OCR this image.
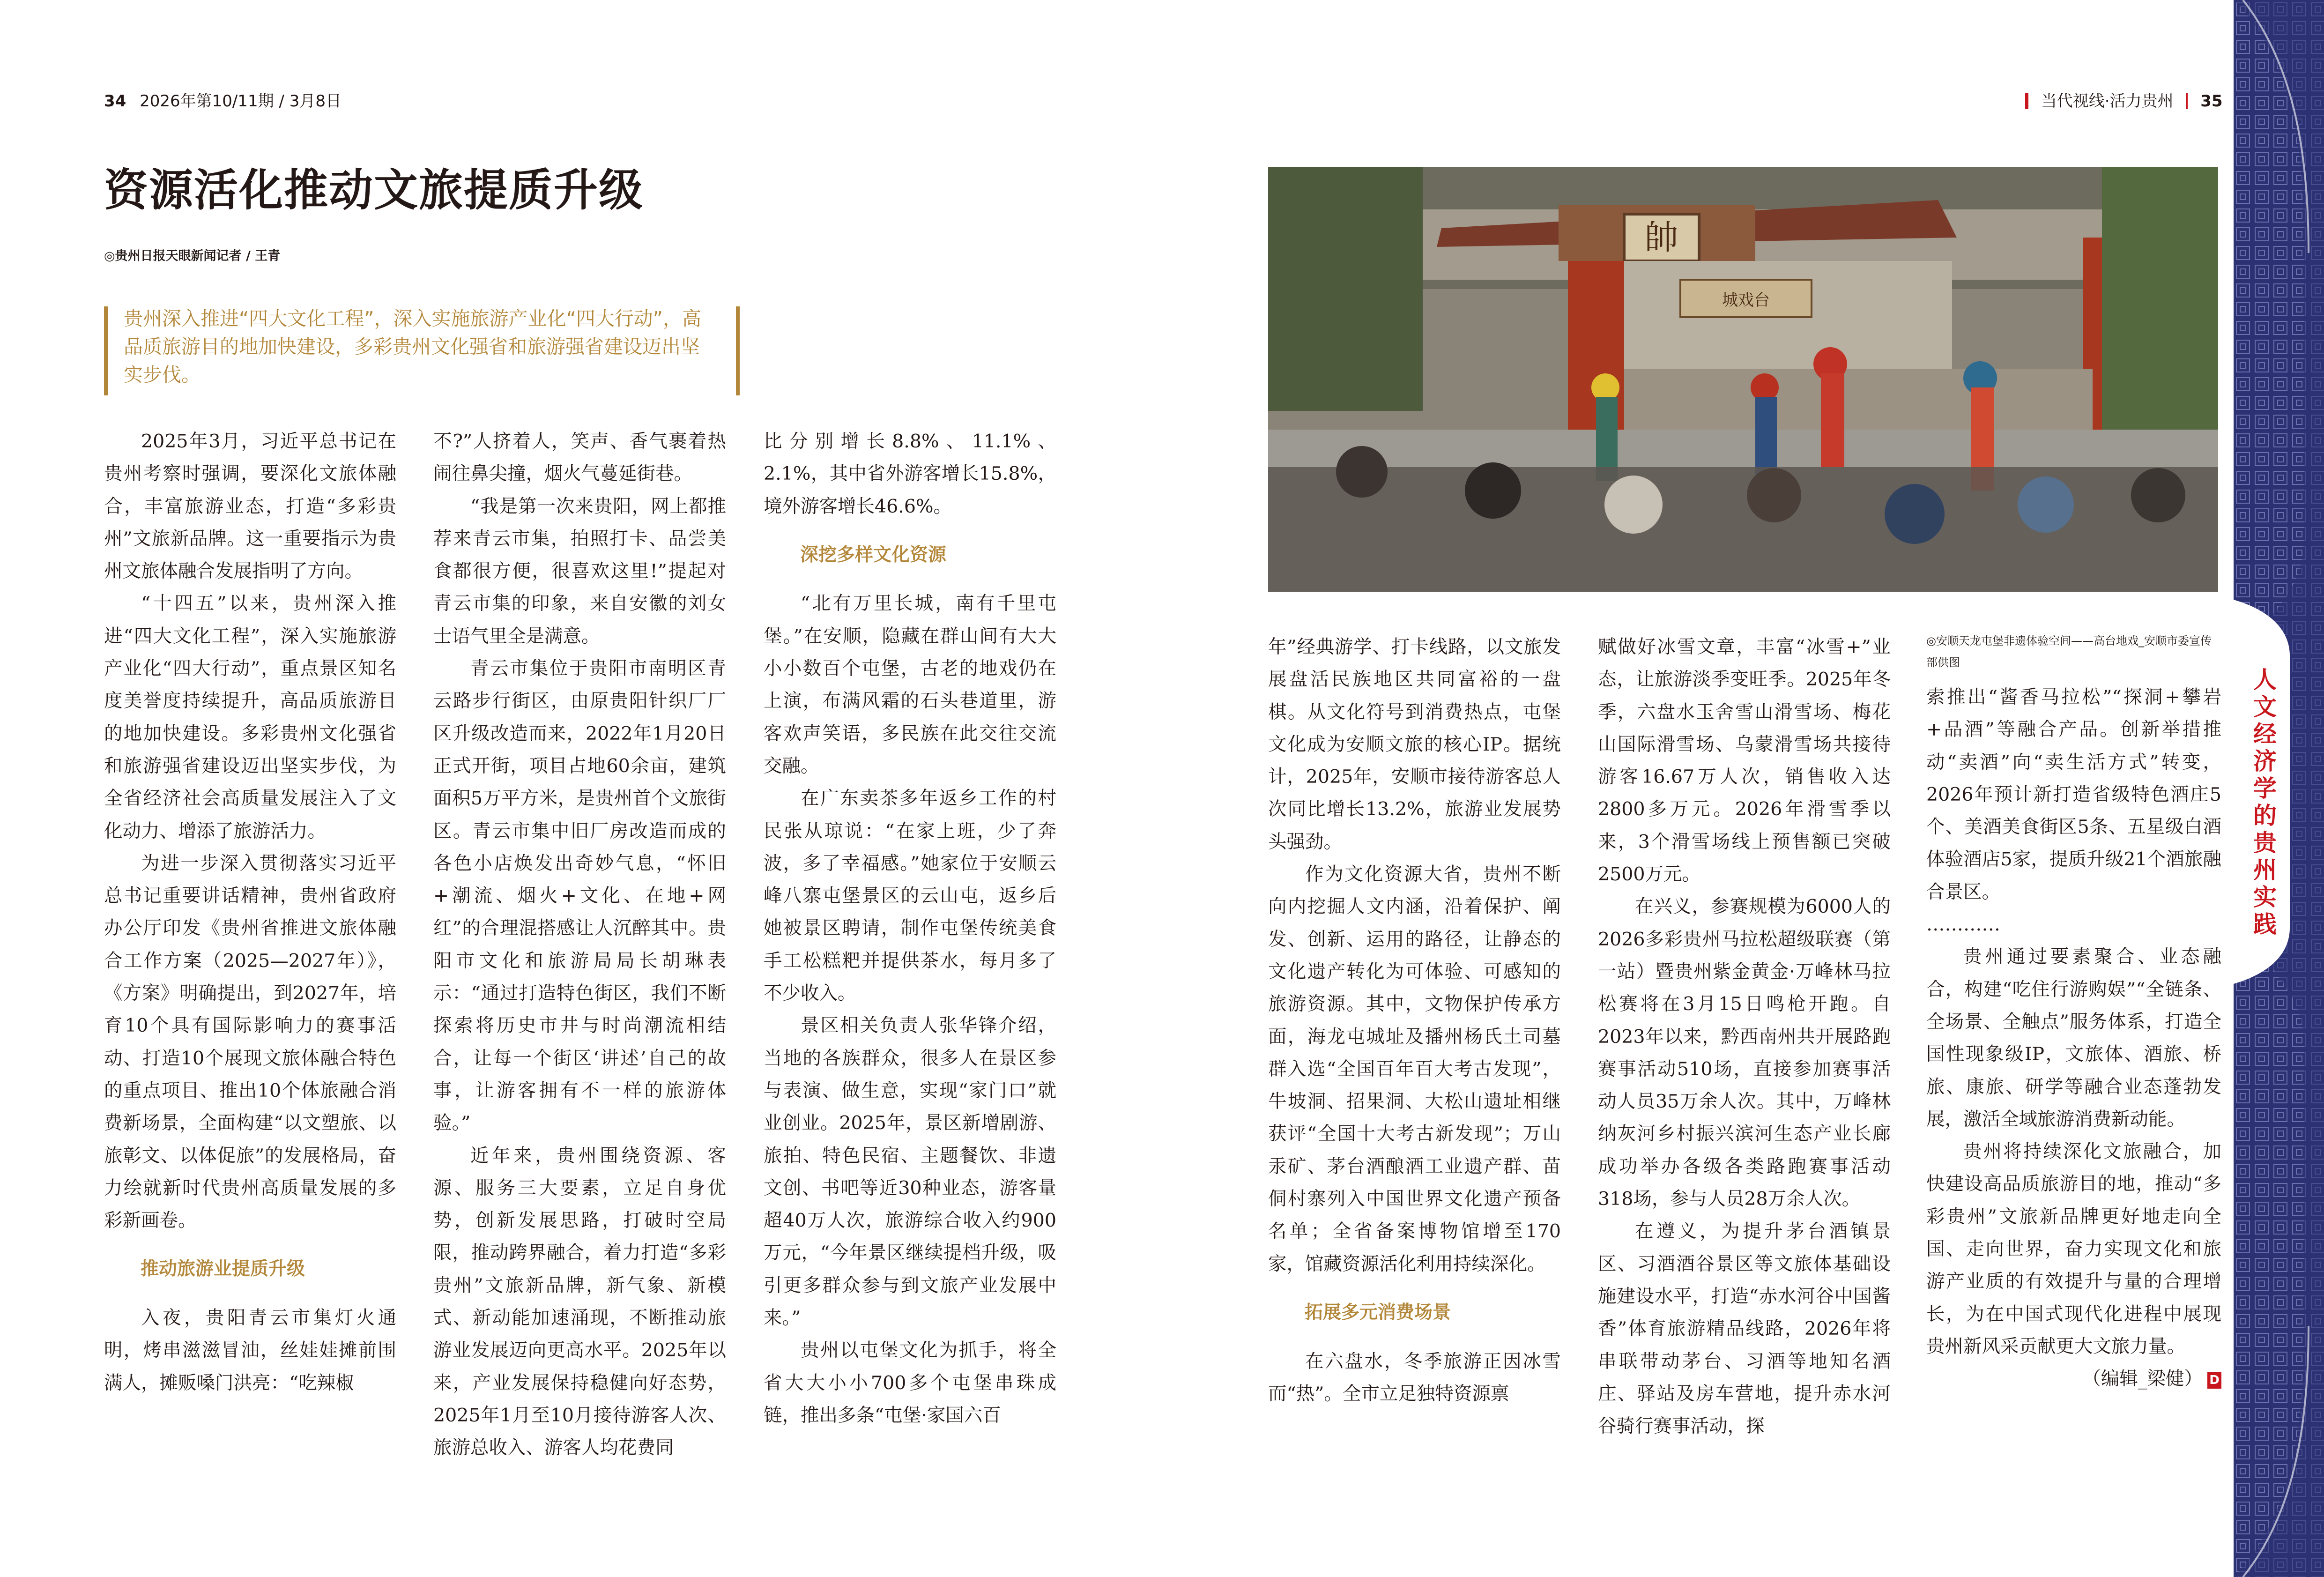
34 2026年第10/11期 / 3月8日	当代视线·活力贵州 35
资源活化推动文旅提质升级
◎贵州日报天眼新闻记者 / 王青
贵州深入推进“四大文化工程”，深入实施旅游产业化“四大行动”，高品质旅游目的地加快建设，多彩贵州文化强省和旅游强省建设迈出坚实步伐。

2025年3月，习近平总书记在贵州考察时强调，要深化文旅体融合，丰富旅游业态，打造“多彩贵州”文旅新品牌。这一重要指示为贵州文旅体融合发展指明了方向。

“十四五”以来，贵州深入推进“四大文化工程”，深入实施旅游产业化“四大行动”，重点景区知名度美誉度持续提升，高品质旅游目的地加快建设。多彩贵州文化强省和旅游强省建设迈出坚实步伐，为全省经济社会高质量发展注入了文化动力、增添了旅游活力。

为进一步深入贯彻落实习近平总书记重要讲话精神，贵州省政府办公厅印发《贵州省推进文旅体融合工作方案（2025—2027年）》，《方案》明确提出，到2027年，培育10个具有国际影响力的赛事活动、打造10个展现文旅体融合特色的重点项目、推出10个体旅融合消费新场景，全面构建“以文塑旅、以旅彰文、以体促旅”的发展格局，奋力绘就新时代贵州高质量发展的多彩新画卷。

推动旅游业提质升级

入夜，贵阳青云市集灯火通明，烤串滋滋冒油，丝娃娃摊前围满人，摊贩嗓门洪亮：“吃辣椒

不?”人挤着人，笑声、香气裹着热闹往鼻尖撞，烟火气蔓延街巷。

“我是第一次来贵阳，网上都推荐来青云市集，拍照打卡、品尝美食都很方便，很喜欢这里!”提起对青云市集的印象，来自安徽的刘女士语气里全是满意。

青云市集位于贵阳市南明区青云路步行街区，由原贵阳针织厂厂区升级改造而来，2022年1月20日正式开街，项目占地60余亩，建筑面积5万平方米，是贵州首个文旅街区。青云市集中旧厂房改造而成的各色小店焕发出奇妙气息，“怀旧+潮流、烟火+文化、在地+网红”的合理混搭感让人沉醉其中。贵阳市文化和旅游局局长胡琳表示：“通过打造特色街区，我们不断探索将历史市井与时尚潮流相结合，让每一个街区‘讲述’自己的故事，让游客拥有不一样的旅游体验。”

近年来，贵州围绕资源、客源、服务三大要素，立足自身优势，创新发展思路，打破时空局限，推动跨界融合，着力打造“多彩贵州”文旅新品牌，新气象、新模式、新动能加速涌现，不断推动旅游业发展迈向更高水平。2025年以来，产业发展保持稳健向好态势，2025年1月至10月接待游客人次、旅游总收入、游客人均花费同

比分别增长8.8%、11.1%、2.1%，其中省外游客增长15.8%，境外游客增长46.6%。

深挖多样文化资源

“北有万里长城，南有千里屯堡。”在安顺，隐藏在群山间有大大小小数百个屯堡，古老的地戏仍在上演，布满风霜的石头巷道里，游客欢声笑语，多民族在此交往交流交融。

在广东卖茶多年返乡工作的村民张从琼说：“在家上班，少了奔波，多了幸福感。”她家位于安顺云峰八寨屯堡景区的云山屯，返乡后她被景区聘请，制作屯堡传统美食手工松糕粑并提供茶水，每月多了不少收入。

景区相关负责人张华锋介绍，当地的各族群众，很多人在景区参与表演、做生意，实现“家门口”就业创业。2025年，景区新增剧游、旅拍、特色民宿、主题餐饮、非遗文创、书吧等近30种业态，游客量超40万人次，旅游综合收入约900万元，“今年景区继续提档升级，吸引更多群众参与到文旅产业发展中来。”

贵州以屯堡文化为抓手，将全省大大小小700多个屯堡串珠成链，推出多条“屯堡·家国六百

帥
城戏台
◎安顺天龙屯堡非遗体验空间——高台地戏_安顺市委宣传部供图

年”经典游学、打卡线路，以文旅发展盘活民族地区共同富裕的一盘棋。从文化符号到消费热点，屯堡文化成为安顺文旅的核心IP。据统计，2025年，安顺市接待游客总人次同比增长13.2%，旅游业发展势头强劲。

作为文化资源大省，贵州不断向内挖掘人文内涵，沿着保护、阐发、创新、运用的路径，让静态的文化遗产转化为可体验、可感知的旅游资源。其中，文物保护传承方面，海龙屯城址及播州杨氏土司墓群入选“全国百年百大考古发现”，牛坡洞、招果洞、大松山遗址相继获评“全国十大考古新发现”；万山汞矿、茅台酒酿酒工业遗产群、苗侗村寨列入中国世界文化遗产预备名单；全省备案博物馆增至170家，馆藏资源活化利用持续深化。

拓展多元消费场景

在六盘水，冬季旅游正因冰雪而“热”。全市立足独特资源禀

赋做好冰雪文章，丰富“冰雪+”业态，让旅游淡季变旺季。2025年冬季，六盘水玉舍雪山滑雪场、梅花山国际滑雪场、乌蒙滑雪场共接待游客16.67万人次，销售收入达2800多万元。2026年滑雪季以来，3个滑雪场线上预售额已突破2500万元。

在兴义，参赛规模为6000人的2026多彩贵州马拉松超级联赛（第一站）暨贵州紫金黄金·万峰林马拉松赛将在3月15日鸣枪开跑。自2023年以来，黔西南州共开展路跑赛事活动510场，直接参加赛事活动人员35万余人次。其中，万峰林纳灰河乡村振兴滨河生态产业长廊成功举办各级各类路跑赛事活动318场，参与人员28万余人次。

在遵义，为提升茅台酒镇景区、习酒酒谷景区等文旅体基础设施建设水平，打造“赤水河谷中国酱香”体育旅游精品线路，2026年将串联带动茅台、习酒等地知名酒庄、驿站及房车营地，提升赤水河谷骑行赛事活动，探

索推出“酱香马拉松”“探洞+攀岩+品酒”等融合产品。创新举措推动“卖酒”向“卖生活方式”转变，2026年预计新打造省级特色酒庄5个、美酒美食街区5条、五星级白酒体验酒店5家，提质升级21个酒旅融合景区。

…………

贵州通过要素聚合、业态融合，构建“吃住行游购娱”“全链条、全场景、全触点”服务体系，打造全国性现象级IP，文旅体、酒旅、桥旅、康旅、研学等融合业态蓬勃发展，激活全域旅游消费新动能。

贵州将持续深化文旅融合，加快建设高品质旅游目的地，推动“多彩贵州”文旅新品牌更好地走向全国、走向世界，奋力实现文化和旅游产业质的有效提升与量的合理增长，为在中国式现代化进程中展现贵州新风采贡献更大文旅力量。

（编辑_梁健） D

人文经济学的贵州实践
